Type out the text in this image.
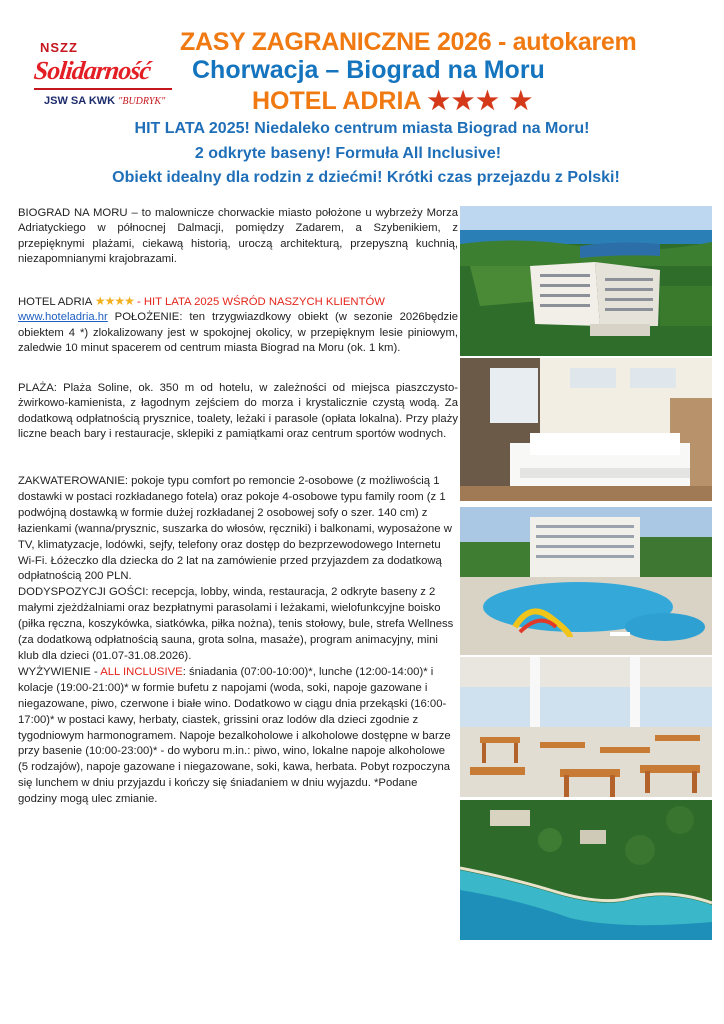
NSZZ
Solidarność
JSW SA KWK "BUDRYK"
ZASY ZAGRANICZNE 2026 - autokarem
Chorwacja – Biograd na Moru
HOTEL ADRIA ★★★ ★
HIT LATA 2025! Niedaleko centrum miasta Biograd na Moru!
2 odkryte baseny! Formuła All Inclusive!
Obiekt idealny dla rodzin z dziećmi! Krótki czas przejazdu z Polski!

BIOGRAD NA MORU – to malownicze chorwackie miasto położone u wybrzeży Morza Adriatyckiego w północnej Dalmacji, pomiędzy Zadarem, a Szybenikiem, z przepięknymi plażami, ciekawą historią, uroczą architekturą, przepyszną kuchnią, niezapomnianymi krajobrazami.

HOTEL ADRIA ★★★★ - HIT LATA 2025 WŚRÓD NASZYCH KLIENTÓW
www.hoteladria.hr POŁOŻENIE: ten trzygwiazdkowy obiekt (w sezonie 2026będzie obiektem 4 *) zlokalizowany jest w spokojnej okolicy, w przepięknym lesie piniowym, zaledwie 10 minut spacerem od centrum miasta Biograd na Moru (ok. 1 km).

PLAŻA: Plaża Soline, ok. 350 m od hotelu, w zależności od miejsca piaszczysto-żwirkowo-kamienista, z łagodnym zejściem do morza i krystalicznie czystą wodą. Za dodatkową odpłatnością prysznice, toalety, leżaki i parasole (opłata lokalna). Przy plaży liczne beach bary i restauracje, sklepiki z pamiątkami oraz centrum sportów wodnych.

ZAKWATEROWANIE: pokoje typu comfort po remoncie 2-osobowe (z możliwością 1 dostawki w postaci rozkładanego fotela) oraz pokoje 4-osobowe typu family room (z 1 podwójną dostawką w formie dużej rozkładanej 2 osobowej sofy o szer. 140 cm) z łazienkami (wanna/prysznic, suszarka do włosów, ręczniki) i balkonami, wyposażone w TV, klimatyzacje, lodówki, sejfy, telefony oraz dostęp do bezprzewodowego Internetu Wi-Fi. Łóżeczko dla dziecka do 2 lat na zamówienie przed przyjazdem za dodatkową odpłatnością 200 PLN.
DODYSPOZYCJI GOŚCI: recepcja, lobby, winda, restauracja, 2 odkryte baseny z 2 małymi zjeżdżalniami oraz bezpłatnymi parasolami i leżakami, wielofunkcyjne boisko (piłka ręczna, koszykówka, siatkówka, piłka nożna), tenis stołowy, bule, strefa Wellness (za dodatkową odpłatnością sauna, grota solna, masaże), program animacyjny, mini klub dla dzieci (01.07-31.08.2026).
WYŻYWIENIE - ALL INCLUSIVE: śniadania (07:00-10:00)*, lunche (12:00-14:00)* i kolacje (19:00-21:00)* w formie bufetu z napojami (woda, soki, napoje gazowane i niegazowane, piwo, czerwone i białe wino. Dodatkowo w ciągu dnia przekąski (16:00-17:00)* w postaci kawy, herbaty, ciastek, grissini oraz lodów dla dzieci zgodnie z tygodniowym harmonogramem. Napoje bezalkoholowe i alkoholowe dostępne w barze przy basenie (10:00-23:00)* - do wyboru m.in.: piwo, wino, lokalne napoje alkoholowe (5 rodzajów), napoje gazowane i niegazowane, soki, kawa, herbata. Pobyt rozpoczyna się lunchem w dniu przyjazdu i kończy się śniadaniem w dniu wyjazdu. *Podane godziny mogą ulec zmianie.
